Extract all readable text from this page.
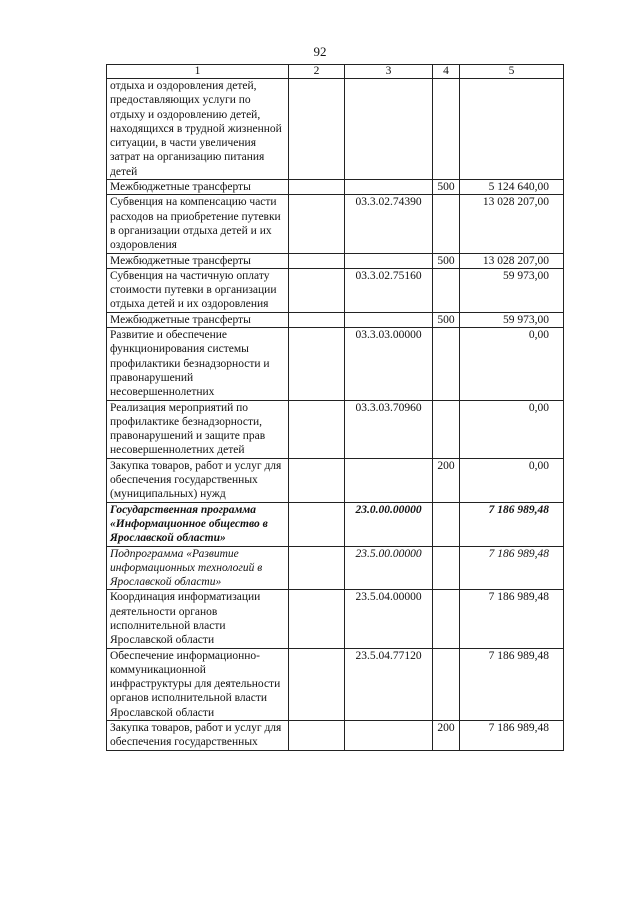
92
1	2	3	4	5
отдыха и оздоровления детей, предоставляющих услуги по отдыху и оздоровлению детей, находящихся в трудной жизненной ситуации, в части увеличения затрат на организацию питания детей				
Межбюджетные трансферты			500	5 124 640,00
Субвенция на компенсацию части расходов на приобретение путевки в организации отдыха детей и их оздоровления		03.3.02.74390		13 028 207,00
Межбюджетные трансферты			500	13 028 207,00
Субвенция на частичную оплату стоимости путевки в организации отдыха детей и их оздоровления		03.3.02.75160		59 973,00
Межбюджетные трансферты			500	59 973,00
Развитие и обеспечение функционирования системы профилактики безнадзорности и правонарушений несовершеннолетних		03.3.03.00000		0,00
Реализация мероприятий по профилактике безнадзорности, правонарушений и защите прав несовершеннолетних детей		03.3.03.70960		0,00
Закупка товаров, работ и услуг для обеспечения государственных (муниципальных) нужд			200	0,00
Государственная программа «Информационное общество в Ярославской области»		23.0.00.00000		7 186 989,48
Подпрограмма «Развитие информационных технологий в Ярославской области»		23.5.00.00000		7 186 989,48
Координация информатизации деятельности органов исполнительной власти Ярославской области		23.5.04.00000		7 186 989,48
Обеспечение информационно-коммуникационной инфраструктуры для деятельности органов исполнительной власти Ярославской области		23.5.04.77120		7 186 989,48
Закупка товаров, работ и услуг для обеспечения государственных			200	7 186 989,48
